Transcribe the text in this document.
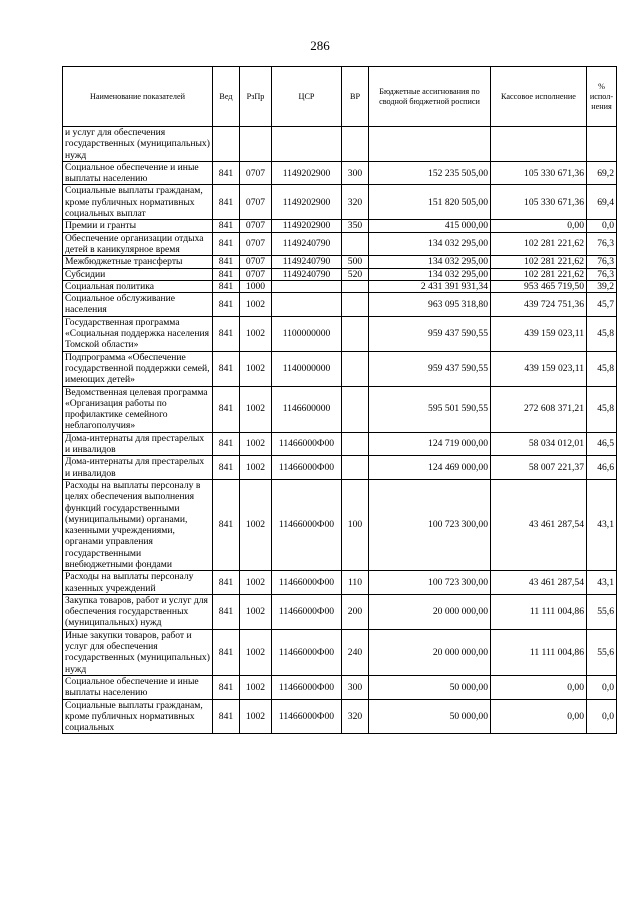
286
Наименование показателей	Вед	РзПр	ЦСР	ВР	Бюджетные ассигнования по сводной бюджетной росписи	Кассовое исполнение	% испол-нения
и услуг для обеспечения государственных (муниципальных) нужд							
Социальное обеспечение и иные выплаты населению	841	0707	1149202900	300	152 235 505,00	105 330 671,36	69,2
Социальные выплаты гражданам, кроме публичных нормативных социальных выплат	841	0707	1149202900	320	151 820 505,00	105 330 671,36	69,4
Премии и гранты	841	0707	1149202900	350	415 000,00	0,00	0,0
Обеспечение организации отдыха детей в каникулярное время	841	0707	1149240790		134 032 295,00	102 281 221,62	76,3
Межбюджетные трансферты	841	0707	1149240790	500	134 032 295,00	102 281 221,62	76,3
Субсидии	841	0707	1149240790	520	134 032 295,00	102 281 221,62	76,3
Социальная политика	841	1000			2 431 391 931,34	953 465 719,50	39,2
Социальное обслуживание населения	841	1002			963 095 318,80	439 724 751,36	45,7
Государственная программа «Социальная поддержка населения Томской области»	841	1002	1100000000		959 437 590,55	439 159 023,11	45,8
Подпрограмма «Обеспечение государственной поддержки семей, имеющих детей»	841	1002	1140000000		959 437 590,55	439 159 023,11	45,8
Ведомственная целевая программа «Организация работы по профилактике семейного неблагополучия»	841	1002	1146600000		595 501 590,55	272 608 371,21	45,8
Дома-интернаты для престарелых и инвалидов	841	1002	11466000Ф00		124 719 000,00	58 034 012,01	46,5
Дома-интернаты для престарелых и инвалидов	841	1002	11466000Ф00		124 469 000,00	58 007 221,37	46,6
Расходы на выплаты персоналу в целях обеспечения выполнения функций государственными (муниципальными) органами, казенными учреждениями, органами управления государственными внебюджетными фондами	841	1002	11466000Ф00	100	100 723 300,00	43 461 287,54	43,1
Расходы на выплаты персоналу казенных учреждений	841	1002	11466000Ф00	110	100 723 300,00	43 461 287,54	43,1
Закупка товаров, работ и услуг для обеспечения государственных (муниципальных) нужд	841	1002	11466000Ф00	200	20 000 000,00	11 111 004,86	55,6
Иные закупки товаров, работ и услуг для обеспечения государственных (муниципальных) нужд	841	1002	11466000Ф00	240	20 000 000,00	11 111 004,86	55,6
Социальное обеспечение и иные выплаты населению	841	1002	11466000Ф00	300	50 000,00	0,00	0,0
Социальные выплаты гражданам, кроме публичных нормативных социальных	841	1002	11466000Ф00	320	50 000,00	0,00	0,0
